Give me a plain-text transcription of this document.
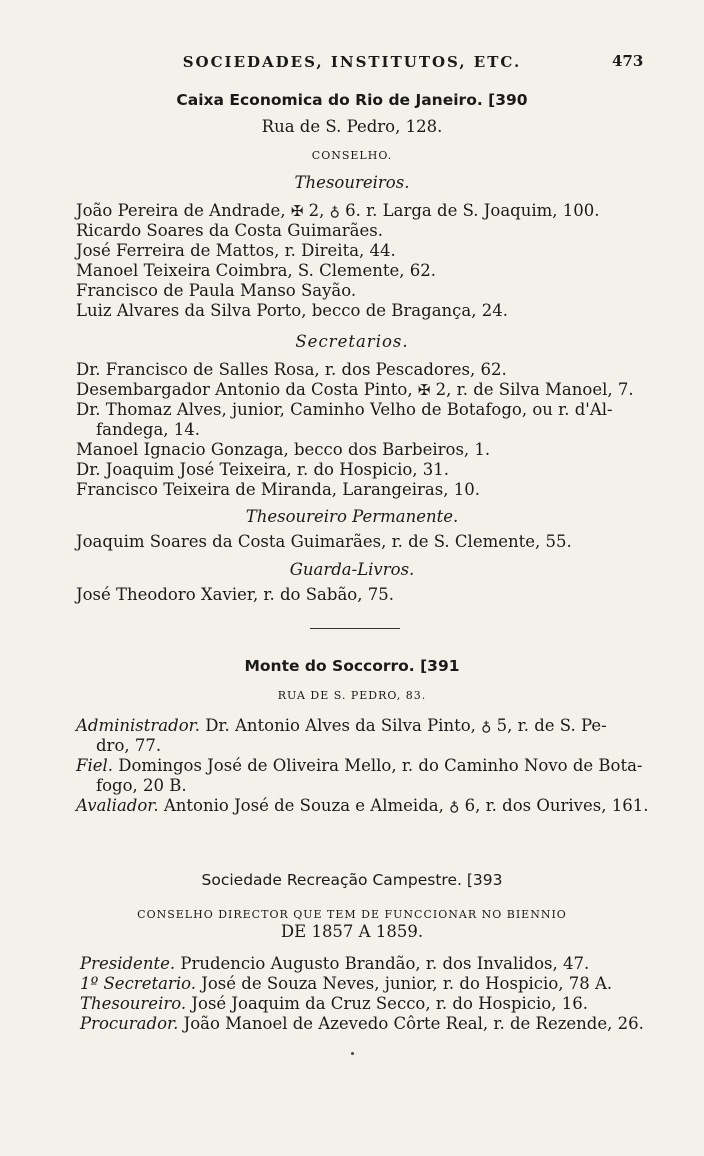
SOCIEDADES, INSTITUTOS, ETC.	473
Caixa Economica do Rio de Janeiro. [390
Rua de S. Pedro, 128.
CONSELHO.
Thesoureiros.
João Pereira de Andrade, ✠ 2, ♁ 6. r. Larga de S. Joaquim, 100.
Ricardo Soares da Costa Guimarães.
José Ferreira de Mattos, r. Direita, 44.
Manoel Teixeira Coimbra, S. Clemente, 62.
Francisco de Paula Manso Sayão.
Luiz Alvares da Silva Porto, becco de Bragança, 24.
Secretarios.
Dr. Francisco de Salles Rosa, r. dos Pescadores, 62.
Desembargador Antonio da Costa Pinto, ✠ 2, r. de Silva Manoel, 7.
Dr. Thomaz Alves, junior, Caminho Velho de Botafogo, ou r. d'Al-
fandega, 14.
Manoel Ignacio Gonzaga, becco dos Barbeiros, 1.
Dr. Joaquim José Teixeira, r. do Hospicio, 31.
Francisco Teixeira de Miranda, Larangeiras, 10.
Thesoureiro Permanente.
Joaquim Soares da Costa Guimarães, r. de S. Clemente, 55.
Guarda-Livros.
José Theodoro Xavier, r. do Sabão, 75.
Monte do Soccorro. [391
RUA DE S. PEDRO, 83.
Administrador. Dr. Antonio Alves da Silva Pinto, ♁ 5, r. de S. Pe-
dro, 77.
Fiel. Domingos José de Oliveira Mello, r. do Caminho Novo de Bota-
fogo, 20 B.
Avaliador. Antonio José de Souza e Almeida, ♁ 6, r. dos Ourives, 161.
Sociedade Recreação Campestre. [393
CONSELHO DIRECTOR QUE TEM DE FUNCCIONAR NO BIENNIO
DE 1857 A 1859.
Presidente. Prudencio Augusto Brandão, r. dos Invalidos, 47.
1º Secretario. José de Souza Neves, junior, r. do Hospicio, 78 A.
Thesoureiro. José Joaquim da Cruz Secco, r. do Hospicio, 16.
Procurador. João Manoel de Azevedo Côrte Real, r. de Rezende, 26.
